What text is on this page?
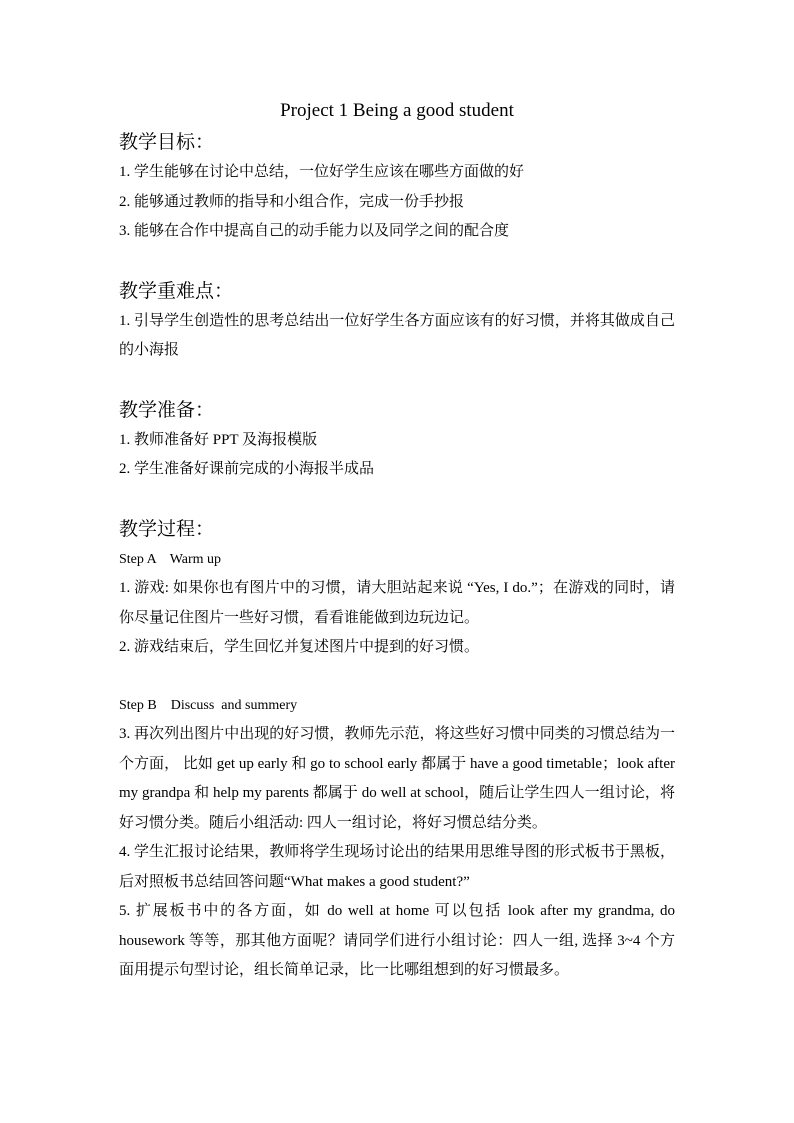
Project 1 Being a good student
教学目标：

1. 学生能够在讨论中总结，一位好学生应该在哪些方面做的好

2. 能够通过教师的指导和小组合作，完成一份手抄报

3. 能够在合作中提高自己的动手能力以及同学之间的配合度

教学重难点：

1. 引导学生创造性的思考总结出一位好学生各方面应该有的好习惯，并将其做成自己的小海报

教学准备：

1. 教师准备好 PPT 及海报模版

2. 学生准备好课前完成的小海报半成品

教学过程：

Step A    Warm up

1. 游戏: 如果你也有图片中的习惯，请大胆站起来说 “Yes, I do.”；在游戏的同时，请你尽量记住图片一些好习惯，看看谁能做到边玩边记。

2. 游戏结束后，学生回忆并复述图片中提到的好习惯。

Step B    Discuss  and summery

3. 再次列出图片中出现的好习惯，教师先示范，将这些好习惯中同类的习惯总结为一个方面， 比如 get up early 和 go to school early 都属于 have a good timetable；look after my grandpa 和 help my parents 都属于 do well at school，随后让学生四人一组讨论，将好习惯分类。随后小组活动: 四人一组讨论，将好习惯总结分类。

4. 学生汇报讨论结果，教师将学生现场讨论出的结果用思维导图的形式板书于黑板，后对照板书总结回答问题“What makes a good student?”

5. 扩展板书中的各方面，如 do well at home 可以包括 look after my grandma, do housework 等等，那其他方面呢？请同学们进行小组讨论：四人一组, 选择 3~4 个方面用提示句型讨论，组长简单记录，比一比哪组想到的好习惯最多。
